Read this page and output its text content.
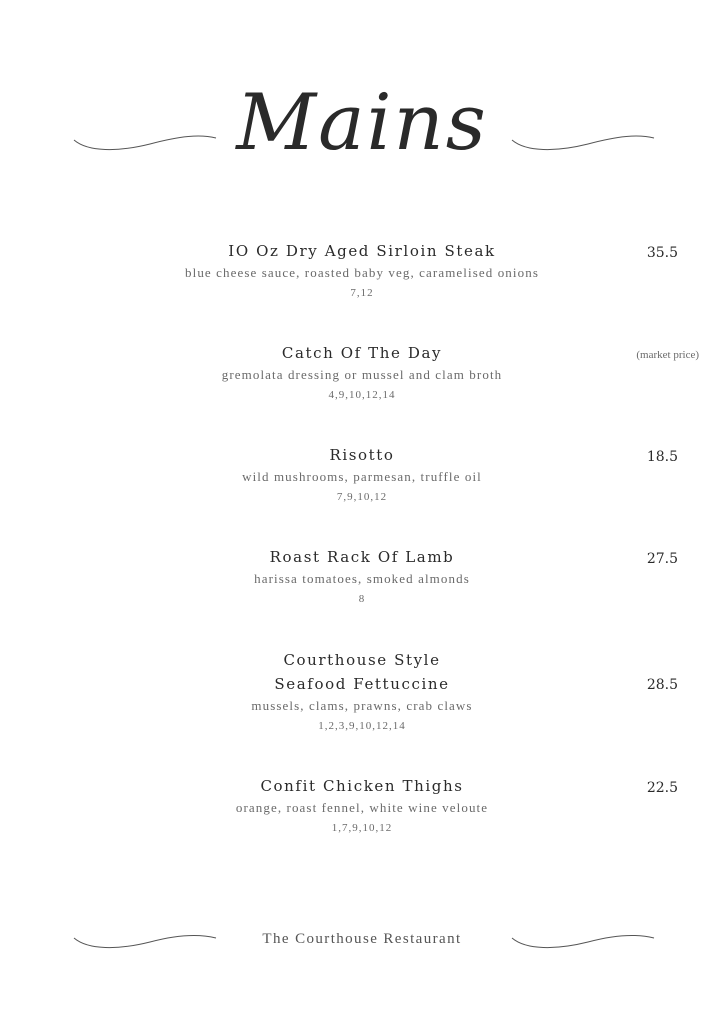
Mains
IO Oz Dry Aged Sirloin Steak
blue cheese sauce, roasted baby veg, caramelised onions
7,12
35.5
Catch Of The Day
gremolata dressing or mussel and clam broth
4,9,10,12,14
(market price)
Risotto
wild mushrooms, parmesan, truffle oil
7,9,10,12
18.5
Roast Rack Of Lamb
harissa tomatoes, smoked almonds
8
27.5
Courthouse Style
Seafood Fettuccine
mussels, clams, prawns, crab claws
1,2,3,9,10,12,14
28.5
Confit Chicken Thighs
orange, roast fennel, white wine veloute
1,7,9,10,12
22.5
The Courthouse Restaurant
